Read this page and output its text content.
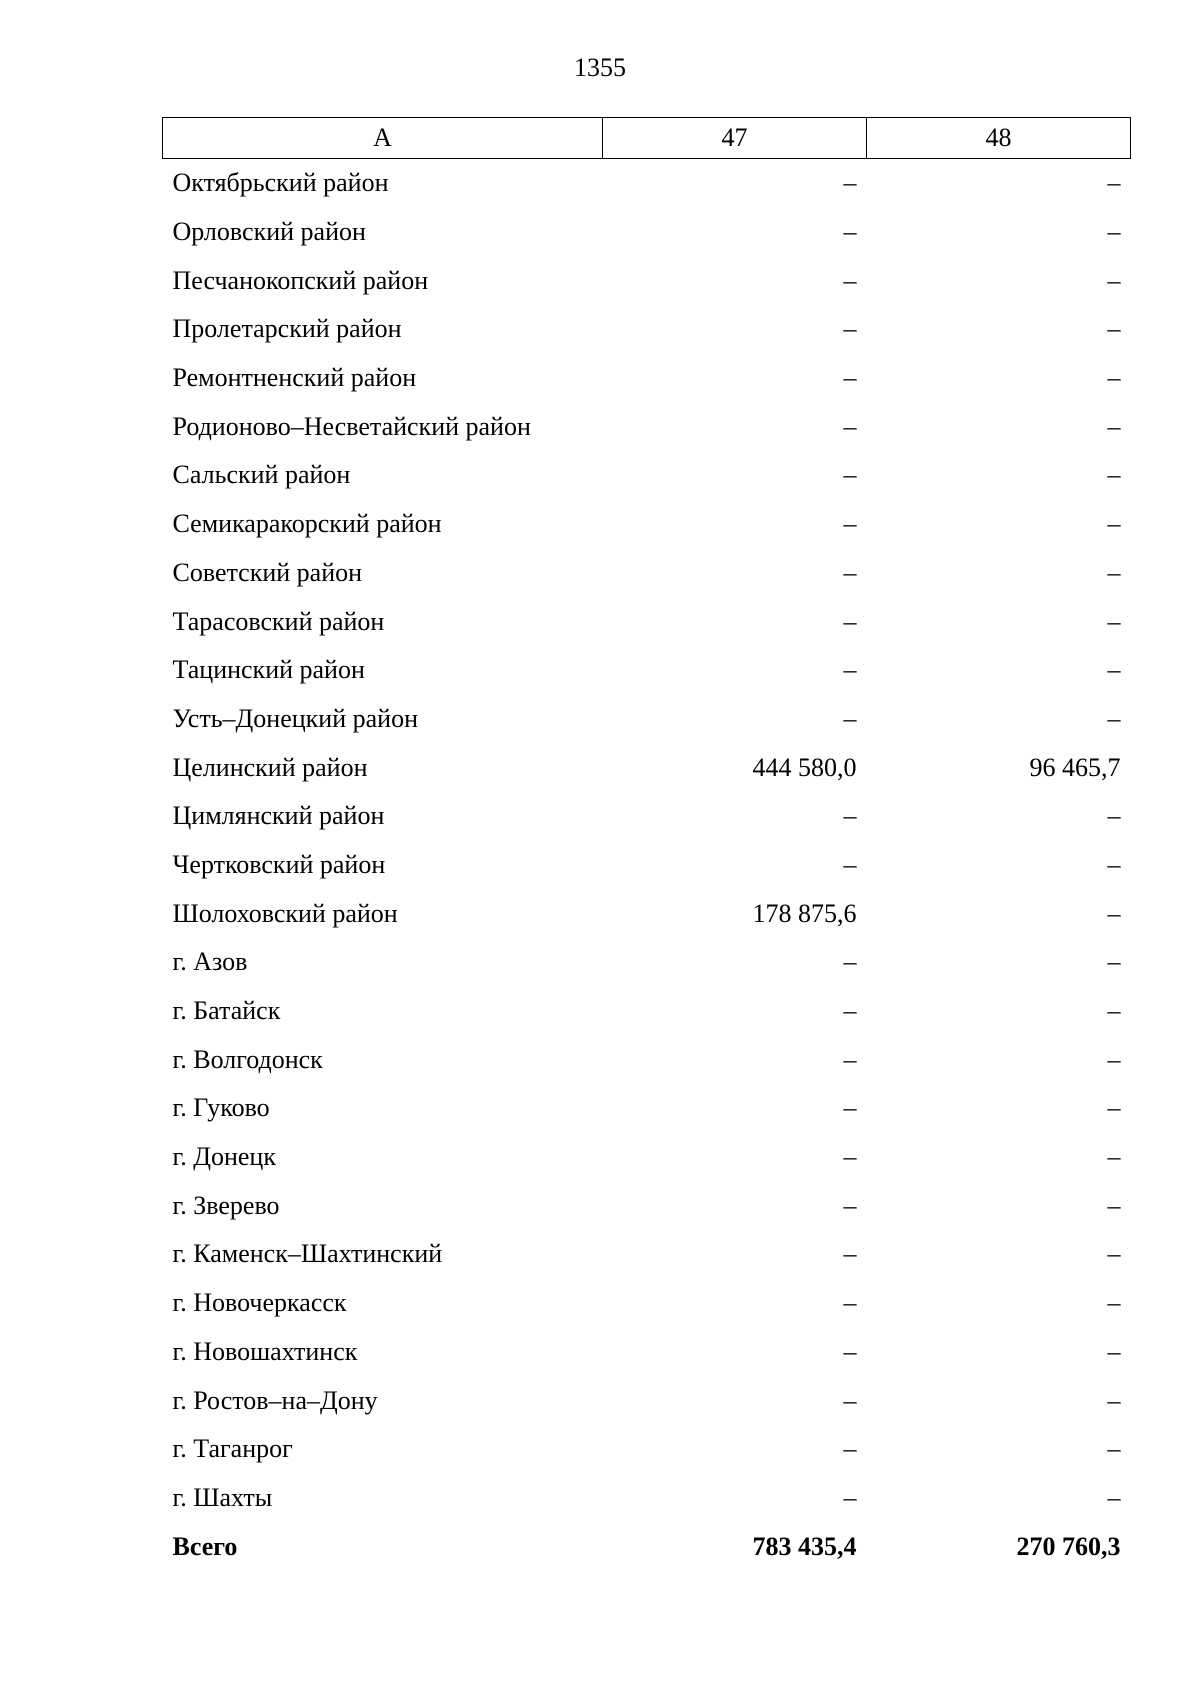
1355
А	47	48
Октябрьский район	–	–
Орловский район	–	–
Песчанокопский район	–	–
Пролетарский район	–	–
Ремонтненский район	–	–
Родионово–Несветайский район	–	–
Сальский район	–	–
Семикаракорский район	–	–
Советский район	–	–
Тарасовский район	–	–
Тацинский район	–	–
Усть–Донецкий район	–	–
Целинский район	444 580,0	96 465,7
Цимлянский район	–	–
Чертковский район	–	–
Шолоховский район	178 875,6	–
г. Азов	–	–
г. Батайск	–	–
г. Волгодонск	–	–
г. Гуково	–	–
г. Донецк	–	–
г. Зверево	–	–
г. Каменск–Шахтинский	–	–
г. Новочеркасск	–	–
г. Новошахтинск	–	–
г. Ростов–на–Дону	–	–
г. Таганрог	–	–
г. Шахты	–	–
Всего	783 435,4	270 760,3
